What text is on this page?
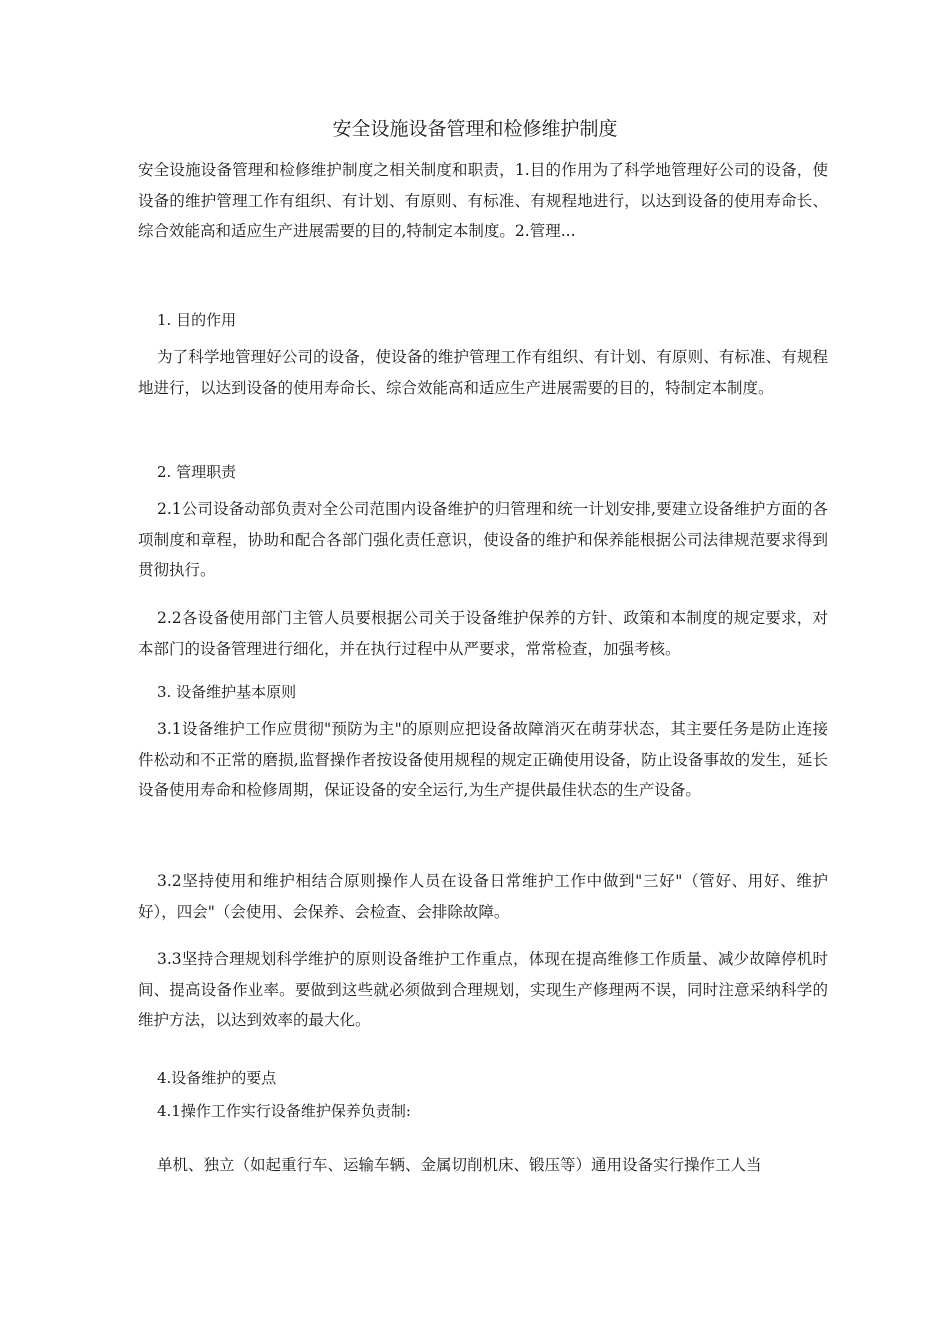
安全设施设备管理和检修维护制度

安全设施设备管理和检修维护制度之相关制度和职责，1.目的作用为了科学地管理好公司的设备，使设备的维护管理工作有组织、有计划、有原则、有标准、有规程地进行，以达到设备的使用寿命长、综合效能高和适应生产进展需要的目的,特制定本制度。2.管理...

1. 目的作用

为了科学地管理好公司的设备，使设备的维护管理工作有组织、有计划、有原则、有标准、有规程地进行，以达到设备的使用寿命长、综合效能高和适应生产进展需要的目的，特制定本制度。

2. 管理职责

2.1公司设备动部负责对全公司范围内设备维护的归管理和统一计划安排,要建立设备维护方面的各项制度和章程，协助和配合各部门强化责任意识，使设备的维护和保养能根据公司法律规范要求得到贯彻执行。

2.2各设备使用部门主管人员要根据公司关于设备维护保养的方针、政策和本制度的规定要求，对本部门的设备管理进行细化，并在执行过程中从严要求，常常检查，加强考核。

3. 设备维护基本原则

3.1设备维护工作应贯彻"预防为主"的原则应把设备故障消灭在萌芽状态，其主要任务是防止连接件松动和不正常的磨损,监督操作者按设备使用规程的规定正确使用设备，防止设备事故的发生，延长设备使用寿命和检修周期，保证设备的安全运行,为生产提供最佳状态的生产设备。

3.2坚持使用和维护相结合原则操作人员在设备日常维护工作中做到"三好"（管好、用好、维护好），四会"（会使用、会保养、会检查、会排除故障。

3.3坚持合理规划科学维护的原则设备维护工作重点，体现在提高维修工作质量、减少故障停机时间、提高设备作业率。要做到这些就必须做到合理规划，实现生产修理两不误，同时注意采纳科学的维护方法，以达到效率的最大化。

4.设备维护的要点

4.1操作工作实行设备维护保养负责制:

单机、独立（如起重行车、运输车辆、金属切削机床、锻压等）通用设备实行操作工人当
